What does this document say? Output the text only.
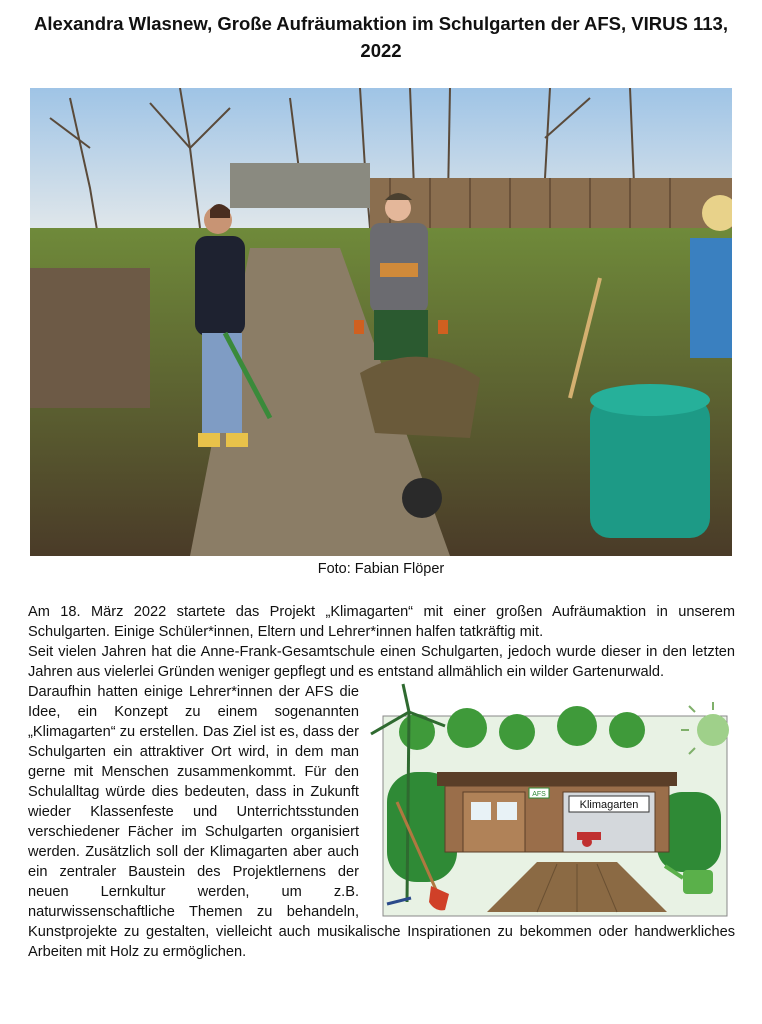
Alexandra Wlasnew, Große Aufräumaktion im Schulgarten der AFS, VIRUS 113, 2022
Foto: Fabian Flöper

Am 18. März 2022 startete das Projekt „Klimagarten“ mit einer großen Aufräumaktion in unserem Schulgarten. Einige Schüler*innen, Eltern und Lehrer*innen halfen tatkräftig mit.

Seit vielen Jahren hat die Anne-Frank-Gesamtschule einen Schulgarten, jedoch wurde dieser in den letzten Jahren aus vielerlei Gründen weniger gepflegt und es entstand allmählich ein wilder Gartenurwald.

AFS
Klimagarten
Daraufhin hatten einige Lehrer*innen der AFS die Idee, ein Konzept zu einem sogenannten „Klimagarten“ zu erstellen. Das Ziel ist es, dass der Schulgarten ein attraktiver Ort wird, in dem man gerne mit Menschen zusammenkommt. Für den Schulalltag würde dies bedeuten, dass in Zukunft wieder Klassenfeste und Unterrichtsstunden verschiedener Fächer im Schulgarten organisiert werden. Zusätzlich soll der Klimagarten aber auch ein zentraler Baustein des Projektlernens der neuen Lernkultur werden, um z.B. naturwissenschaftliche Themen zu behandeln, Kunstprojekte zu gestalten, vielleicht auch musikalische Inspirationen zu bekommen oder handwerkliches Arbeiten mit Holz zu ermöglichen.
